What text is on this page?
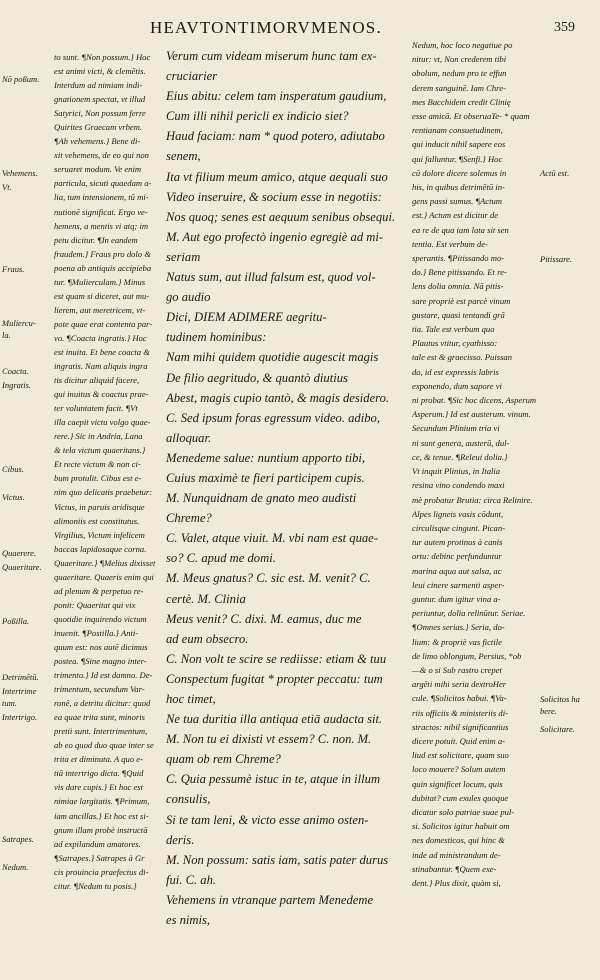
HEAVTONTIMORVMENOS.	359
Nō poßum.
Vehemens.
Vt.
Fraus.
Muliercu-
la.
Coacta.
Ingratis.
Cibus.
Victus.
Quaerere.
Quaeritare.
Poßilla.
Detrimētū.
Intertrime
tum.
Intertrigo.
Satrapes.
Nedum.
to sunt. ¶Non possum.} Hoc
est animi victi, & clemētis.
Interdum ad nimiam indi-
gnationem spectat, vt illud
Satyrici, Non possum ferre
Quirites Graecam vrbem.
¶Ah vehemens.} Bene di-
xit vehemens, de eo qui non
seruaret modum. Ve enim
particula, sicuti quaedam a-
lia, tum intensionem, tū mi-
nutionē significat. Ergo ve-
hemens, a mentis vi atq; im
petu dicitur. ¶In eandem
fraudem.} Fraus pro dolo &
poena ab antiquis accipieba
tur. ¶Mulierculam.} Minus
est quam si diceret, aut mu-
lierem, aut meretricem, vt-
pote quae erat contenta par-
vo. ¶Coacta ingratis.} Hoc
est inuita. Et bene coacta &
ingratis. Nam aliquis ingra
tis dicitur aliquid facere,
qui inuitus & coactus prae-
ter voluntatem facit. ¶Vt
illa caepit victu volgo quae-
rere.} Sic in Andria, Lana
& tela victum quaeritans.}
Et recte victum & non ci-
bum protulit. Cibus est e-
nim quo delicatis praebetur:
Victus, in paruis aridisque
alimoniis est constitutus.
Virgilius, Victum infelicem
baccas lapidosaque corna.
Quaeritare.} ¶Melius dixisset
quaeritare. Quaeris enim qui
ad plenum & perpetuo re-
ponit: Quaeritat qui vix
quotidie inquirendo victum
inuenit. ¶Postilla.} Anti-
quum est: nos autē dicimus
postea. ¶Sine magno inter-
trimento.} Id est damno. De-
trimentum, secundum Var-
ronē, a detritu dicitur: quod
ea quae trita sunt, minoris
pretii sunt. Intertrimentum,
ab eo quod duo quae inter se
trita et diminuta. A quo e-
tiā intertrigo dicta. ¶Quid
vis dare cupis.} Et hoc est
nimiae largitatis. ¶Primum,
iam ancillas.} Et hoc est si-
gnum illam probè instructā
ad expilandum amatores.
¶Satrapes.} Satrapes à Gr
cis prouincia praefectus di-
citur. ¶Nedum tu posis.}
Verum cum videam miserum hunc tam ex-
cruciarier
Eius abitu: celem tam insperatum gaudium,
Cum illi nihil pericli ex indicio siet?
Haud faciam: nam * quod potero, adiutabo
senem,
Ita vt filium meum amico, atque aequali suo
Video inseruire, & socium esse in negotiis:
Nos quoq; senes est aequum senibus obsequi.
M. Aut ego profectò ingenio egregiè ad mi-
seriam
Natus sum, aut illud falsum est, quod vol-
go audio
Dici, DIEM ADIMERE aegritu-
tudinem hominibus:
Nam mihi quidem quotidie augescit magis
De filio aegritudo, & quantò diutius
Abest, magis cupio tantò, & magis desidero.
C. Sed ipsum foras egressum video. adibo,
alloquar.
Menedeme salue: nuntium apporto tibi,
Cuius maximè te fieri participem cupis.
M. Nunquidnam de gnato meo audisti
Chreme?
C. Valet, atque viuit. M. vbi nam est quae-
so? C. apud me domi.
M. Meus gnatus? C. sic est. M. venit? C.
certè. M. Clinia
Meus venit? C. dixi. M. eamus, duc me
ad eum obsecro.
C. Non volt te scire se rediisse: etiam & tuu
Conspectum fugitat * propter peccatu: tum
hoc timet,
Ne tua duritia illa antiqua etiā audacta sit.
M. Non tu ei dixisti vt essem? C. non. M.
quam ob rem Chreme?
C. Quia pessumè istuc in te, atque in illum
consulis,
Si te tam leni, & victo esse animo osten-
deris.
M. Non possum: satis iam, satis pater durus
fui. C. ah.
Vehemens in vtranque partem Menedeme
es nimis,
Nedum, hoc loco negatiue po
nitur: vt, Non crederem tibi
obolum, nedum pro te effun
derem sanguinē. Iam Chre-
mes Bacchidem credit Clinię
esse amicā. Et obseruaTe- * quam
rentianam consuetudinem,
qui inducit nihil sapere eos
qui falluntur. ¶Senfi.} Hoc
cū dolore dicere solemus in
his, in quibus detrimētū in-
gens passi sumus. ¶Actum
est.} Actum est dicitur de
ea re de qua iam lata sit sen
tentia. Est verbum de-
sperantis. ¶Pitissando mo-
do.} Bene pitissando. Et re-
lens dolia omnia. Nā pitis-
sare propriè est parcè vinum
gustare, quasi tentandi grā
tia. Tale est verbum quo
Plautus vtitur, cyathisso:
tale est & graecisso. Puissan
do, id est expressis labris
exponendo, dum sapore vi
ni probat. ¶Sic hoc dicens, Asperum
Asperum.} Id est austerum. vinum.
Secundum Plinium tria vi
ni sunt genera, austerū, dul-
ce, & tenue. ¶Releui dolia.}
Vt inquit Plinius, in Italia
resina vino condendo maxi
mè probatur Brutia: circa Relinire.
Alpes ligneis vasis cōdunt,
circulisque cingunt. Pican-
tur autem protinus à canis
ortu: debinc perfunduntur
marina aqua aut salsa, ac
leui cinere sarmenti asper-
guntur. dum igitur vina a-
periuntur, dolia relinūtur. Seriae.
¶Omnes serias.} Seria, do-
lium: & propriè vas fictile
de limo oblongum, Persius, *ob
—& o si Sub rastro crepet
argēti mihi seria dextroHer
cule. ¶Solicitos habui. ¶Va-
riis officiis & ministeriis di-
stractos: nibil significantius
dicere potuit. Quid enim a-
liud est solicitare, quam suo
loco mouere? Solum autem
quin significet locum, quis
dubitat? cum exules quoque
dicatur solo patriae suae pul-
si. Solicitos igitur habuit om
nes domesticos, qui hinc &
inde ad ministrandum de-
stinabantur. ¶Quem exe-
dent.} Plus dixit, quàm si,
Actū est.
Pitissare.
Solicitos ha
bere.
Solicitare.
